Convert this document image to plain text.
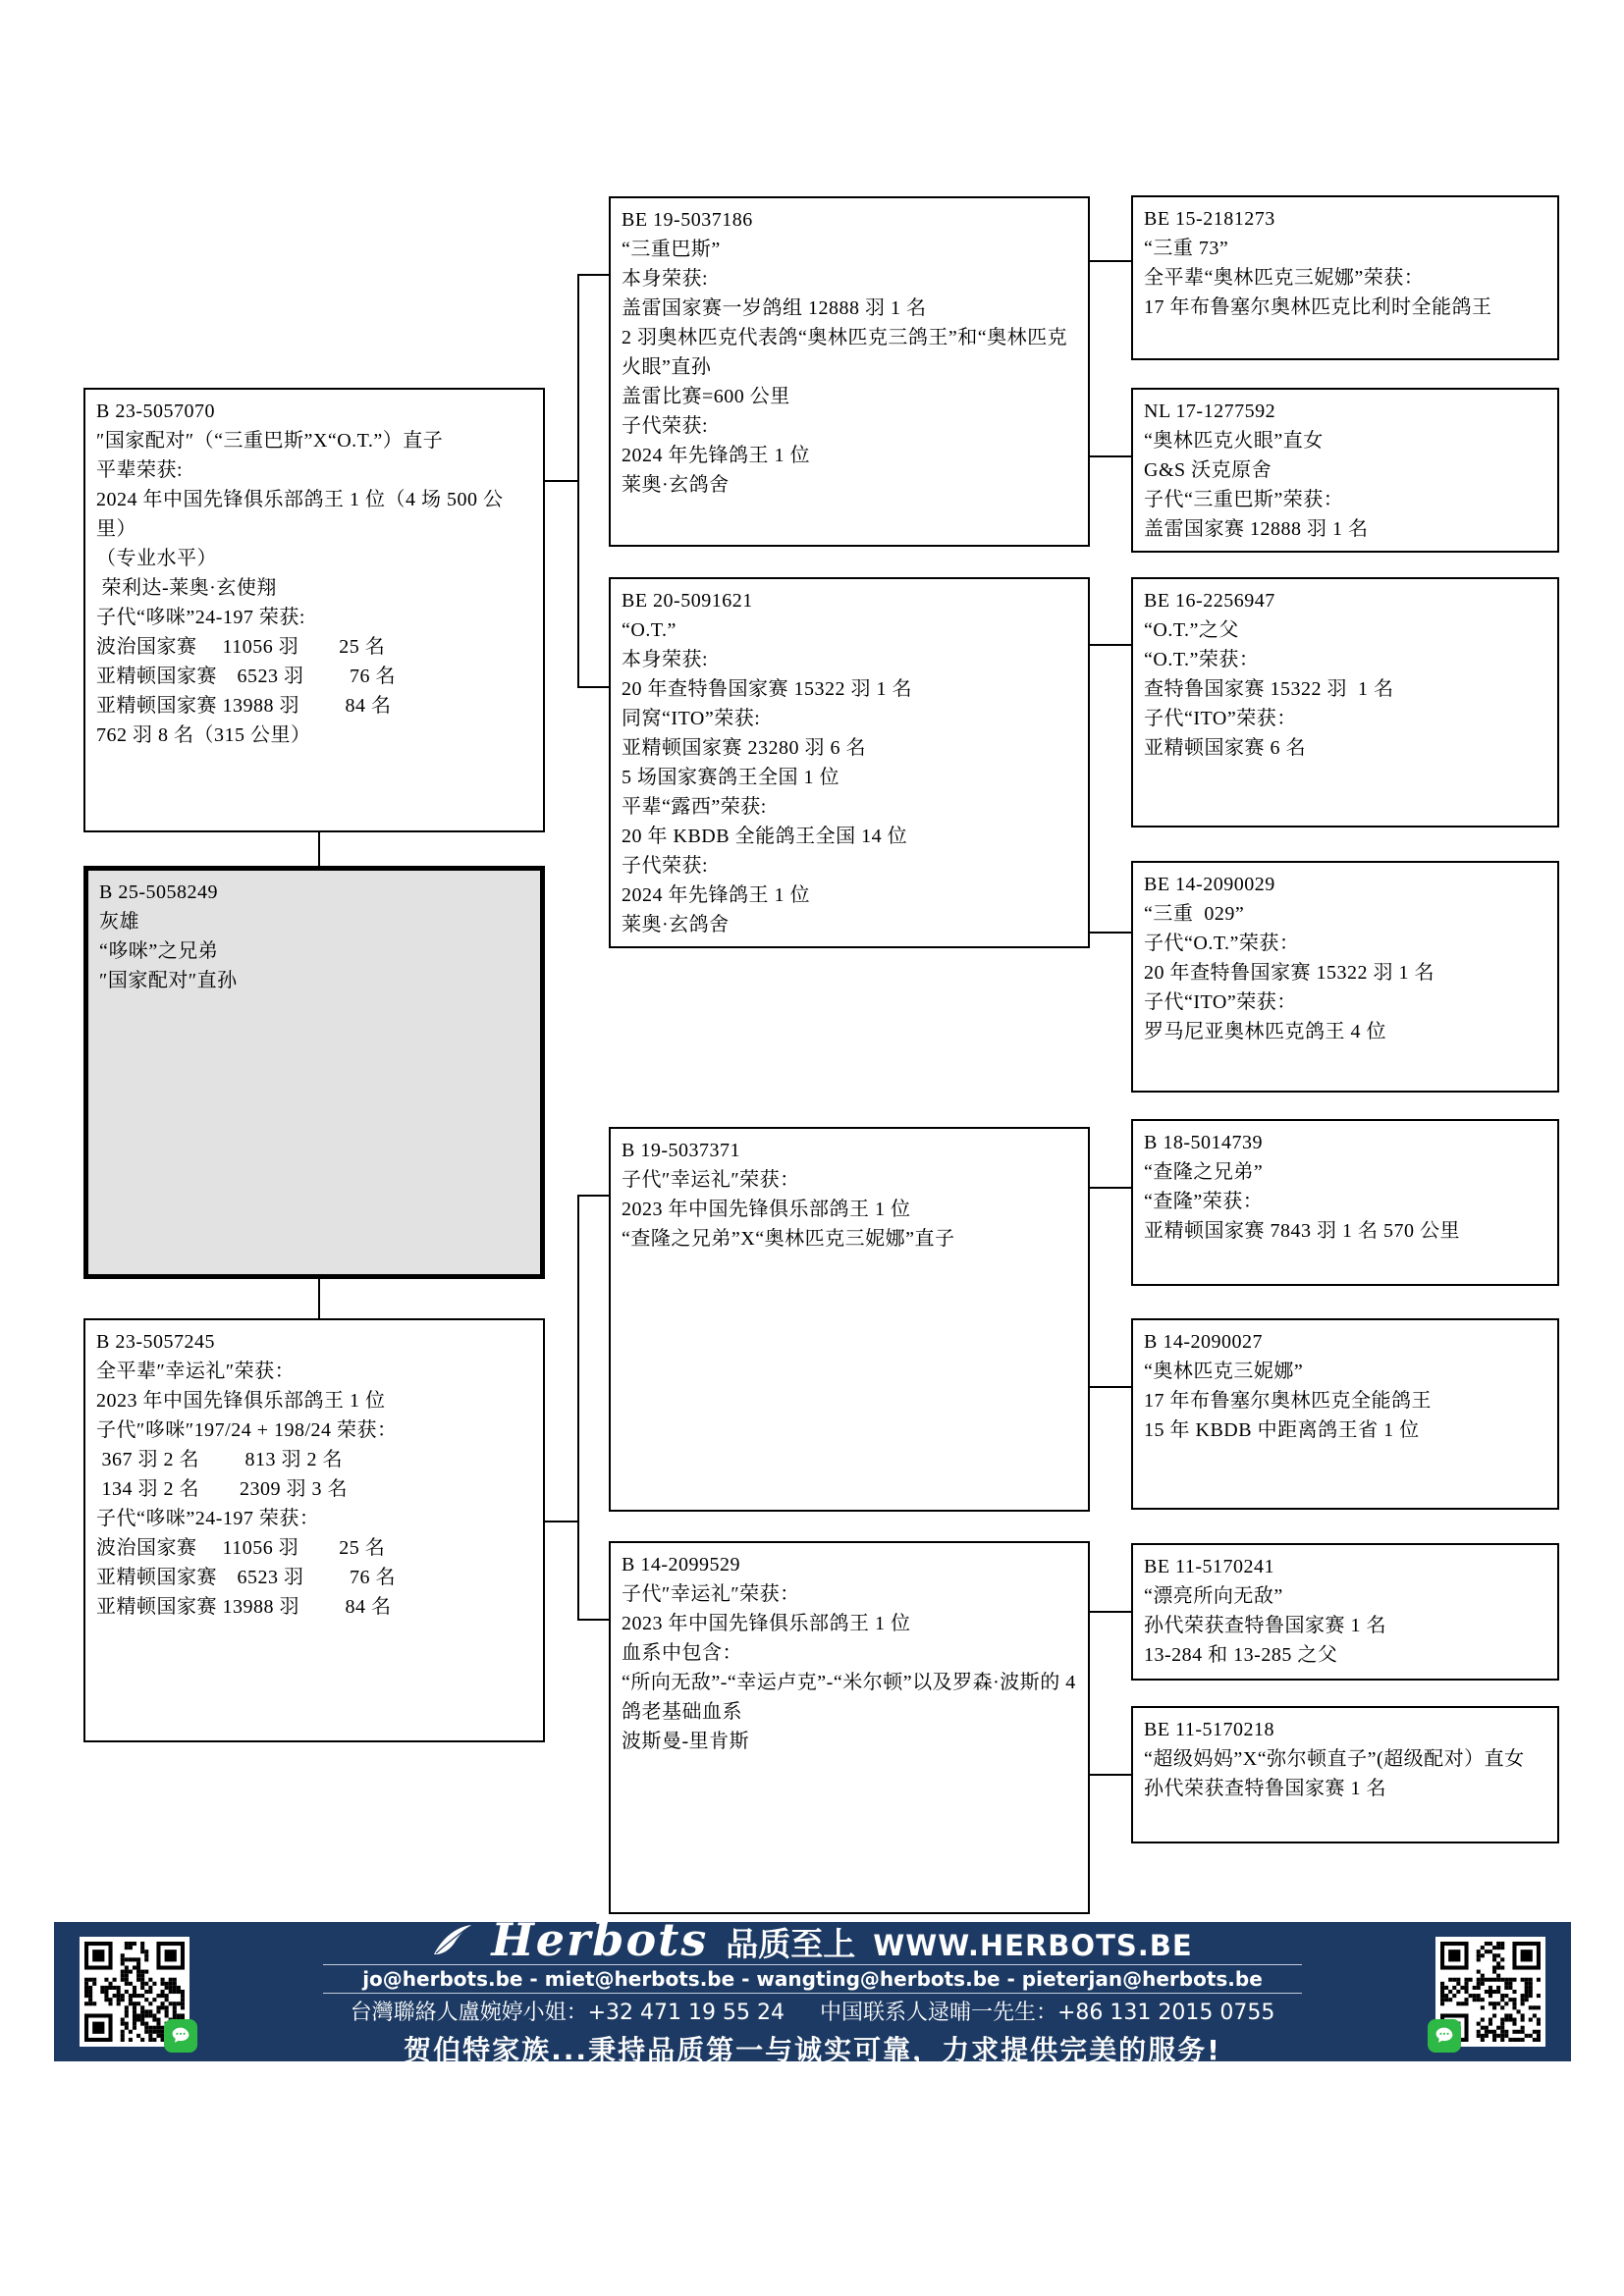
B 23-5057070
″国家配对″（“三重巴斯”X“O.T.”）直子
平辈荣获:
2024 年中国先锋俱乐部鸽王 1 位（4 场 500 公里）
（专业水平）
荣利达-莱奥·玄使翔
子代“哆咪”24-197 荣获:
波治国家赛　 11056 羽　　25 名
亚精顿国家赛　6523 羽　　 76 名
亚精顿国家赛 13988 羽　　 84 名
762 羽 8 名（315 公里）
B 25-5058249
灰雄
“哆咪”之兄弟
″国家配对″直孙
B 23-5057245
全平辈″幸运礼″荣获：
2023 年中国先锋俱乐部鸽王 1 位
子代″哆咪″197/24 + 198/24 荣获：
367 羽 2 名　　 813 羽 2 名
134 羽 2 名　　2309 羽 3 名
子代“哆咪”24-197 荣获：
波治国家赛　 11056 羽　　25 名
亚精顿国家赛　6523 羽　　 76 名
亚精顿国家赛 13988 羽　　 84 名
BE 19-5037186
“三重巴斯”
本身荣获:
盖雷国家赛一岁鸽组 12888 羽 1 名
2 羽奥林匹克代表鸽“奥林匹克三鸽王”和“奥林匹克火眼”直孙
盖雷比赛=600 公里
子代荣获:
2024 年先锋鸽王 1 位
莱奥·玄鸽舍
BE 20-5091621
“O.T.”
本身荣获:
20 年查特鲁国家赛 15322 羽 1 名
同窝“ITO”荣获:
亚精顿国家赛 23280 羽 6 名
5 场国家赛鸽王全国 1 位
平辈“露西”荣获:
20 年 KBDB 全能鸽王全国 14 位
子代荣获:
2024 年先锋鸽王 1 位
莱奥·玄鸽舍
B 19-5037371
子代″幸运礼″荣获：
2023 年中国先锋俱乐部鸽王 1 位
“查隆之兄弟”X“奥林匹克三妮娜”直子
B 14-2099529
子代″幸运礼″荣获：
2023 年中国先锋俱乐部鸽王 1 位
血系中包含：
“所向无敌”-“幸运卢克”-“米尔顿”以及罗森·波斯的 4 鸽老基础血系
波斯曼-里肯斯
BE 15-2181273
“三重 73”
全平辈“奥林匹克三妮娜”荣获：
17 年布鲁塞尔奥林匹克比利时全能鸽王
NL 17-1277592
“奥林匹克火眼”直女
G&S 沃克原舍
子代“三重巴斯”荣获：
盖雷国家赛 12888 羽 1 名
BE 16-2256947
“O.T.”之父
“O.T.”荣获：
查特鲁国家赛 15322 羽  1 名
子代“ITO”荣获：
亚精顿国家赛 6 名
BE 14-2090029
“三重  029”
子代“O.T.”荣获：
20 年查特鲁国家赛 15322 羽 1 名
子代“ITO”荣获：
罗马尼亚奥林匹克鸽王 4 位
B 18-5014739
“查隆之兄弟”
“查隆”荣获：
亚精顿国家赛 7843 羽 1 名 570 公里
B 14-2090027
“奥林匹克三妮娜”
17 年布鲁塞尔奥林匹克全能鸽王
15 年 KBDB 中距离鸽王省 1 位
BE 11-5170241
“漂亮所向无敌”
孙代荣获查特鲁国家赛 1 名
13-284 和 13-285 之父
BE 11-5170218
“超级妈妈”X“弥尔顿直子”(超级配对）直女
孙代荣获查特鲁国家赛 1 名
Herbots 品质至上 WWW.HERBOTS.BE
jo@herbots.be - miet@herbots.be - wangting@herbots.be - pieterjan@herbots.be
台灣聯絡人盧婉婷小姐：+32 471 19 55 24 中国联系人逯晡一先生：+86 131 2015 0755
贺伯特家族...秉持品质第一与诚实可靠，力求提供完美的服务!
